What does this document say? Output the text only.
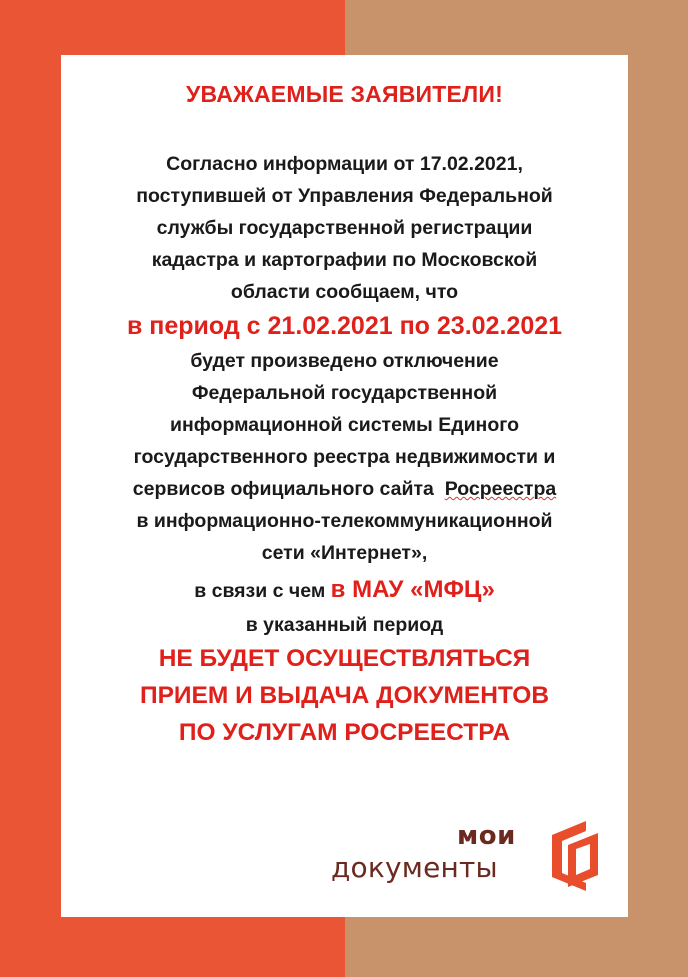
УВАЖАЕМЫЕ ЗАЯВИТЕЛИ!
Согласно информации от 17.02.2021,
поступившей от Управления Федеральной
службы государственной регистрации
кадастра и картографии по Московской
области сообщаем, что
в период с 21.02.2021 по 23.02.2021
будет произведено отключение
Федеральной государственной
информационной системы Единого
государственного реестра недвижимости и
сервисов официального сайта  Росреестра
в информационно-телекоммуникационной
сети «Интернет»,
в связи с чем в МАУ «МФЦ»
в указанный период
НЕ БУДЕТ ОСУЩЕСТВЛЯТЬСЯ
ПРИЕМ И ВЫДАЧА ДОКУМЕНТОВ
ПО УСЛУГАМ РОСРЕЕСТРА
мои
документы
